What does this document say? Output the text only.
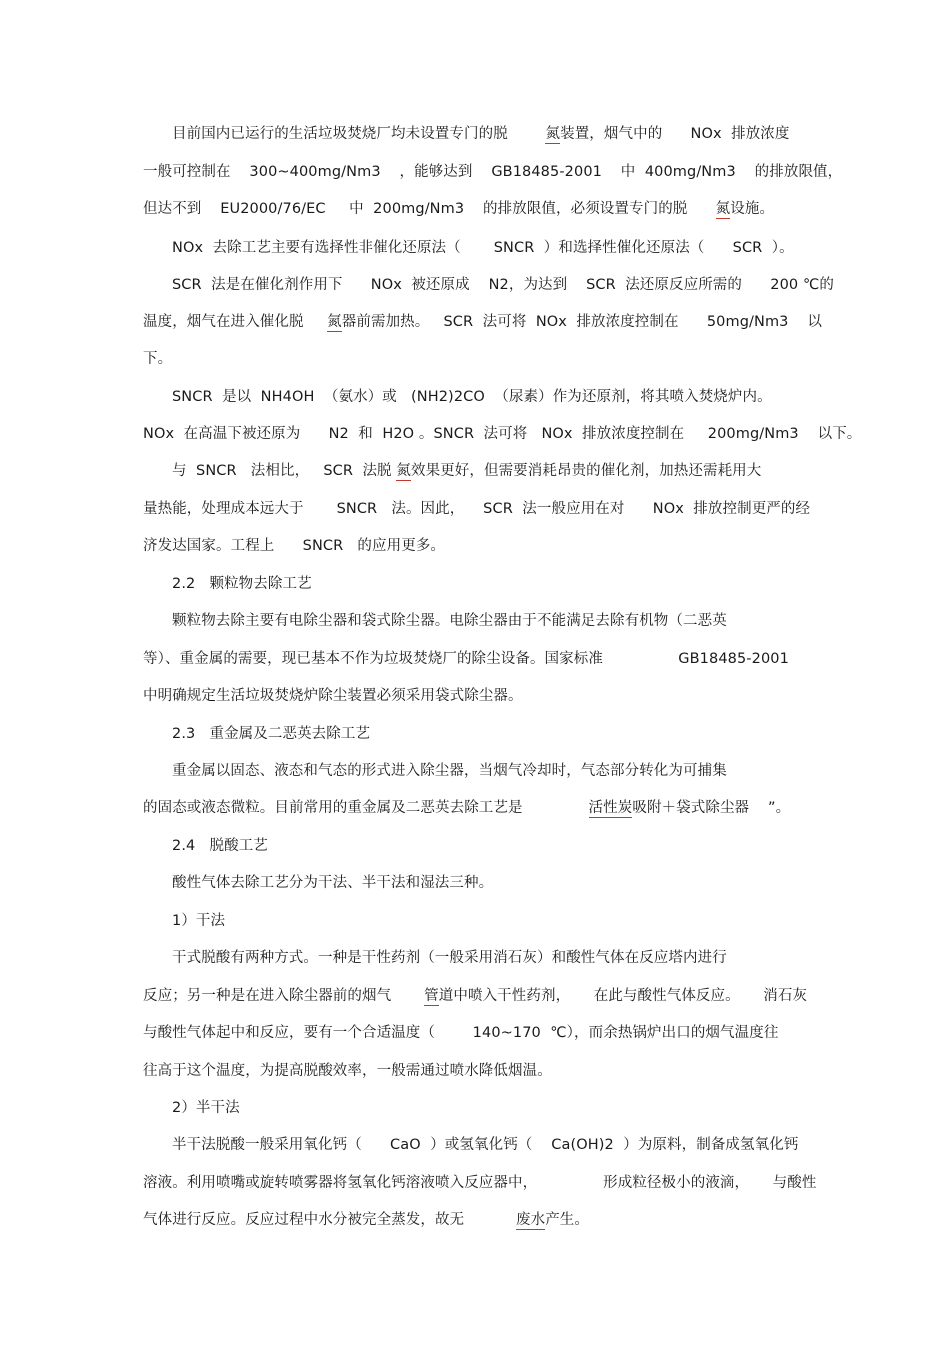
目前国内已运行的生活垃圾焚烧厂均未设置专门的脱        氮装置，烟气中的      NOx  排放浓度

一般可控制在    300~400mg/Nm3    ，能够达到    GB18485-2001    中  400mg/Nm3    的排放限值，

但达不到    EU2000/76/EC     中  200mg/Nm3    的排放限值，必须设置专门的脱      氮设施。

NOx  去除工艺主要有选择性非催化还原法（       SNCR  ）和选择性催化还原法（      SCR  ）。

SCR  法是在催化剂作用下      NOx  被还原成    N2，为达到    SCR  法还原反应所需的      200 ℃的

温度，烟气在进入催化脱     氮器前需加热。   SCR  法可将  NOx  排放浓度控制在      50mg/Nm3    以

下。

SNCR  是以  NH4OH  （氨水）或   (NH2)2CO  （尿素）作为还原剂，将其喷入焚烧炉内。

NOx  在高温下被还原为      N2  和  H2O 。SNCR  法可将   NOx  排放浓度控制在     200mg/Nm3    以下。

与  SNCR   法相比，   SCR  法脱 氮效果更好，但需要消耗昂贵的催化剂，加热还需耗用大

量热能，处理成本远大于       SNCR   法。因此，    SCR  法一般应用在对      NOx  排放控制更严的经

济发达国家。工程上      SNCR   的应用更多。

2.2   颗粒物去除工艺

颗粒物去除主要有电除尘器和袋式除尘器。电除尘器由于不能满足去除有机物（二恶英

等）、重金属的需要，现已基本不作为垃圾焚烧厂的除尘设备。国家标准                GB18485-2001

中明确规定生活垃圾焚烧炉除尘装置必须采用袋式除尘器。

2.3   重金属及二恶英去除工艺

重金属以固态、液态和气态的形式进入除尘器，当烟气冷却时，气态部分转化为可捕集

的固态或液态微粒。目前常用的重金属及二恶英去除工艺是              活性炭吸附＋袋式除尘器    ”。

2.4   脱酸工艺

酸性气体去除工艺分为干法、半干法和湿法三种。

1）干法

干式脱酸有两种方式。一种是干性药剂（一般采用消石灰）和酸性气体在反应塔内进行

反应；另一种是在进入除尘器前的烟气       管道中喷入干性药剂，     在此与酸性气体反应。     消石灰

与酸性气体起中和反应，要有一个合适温度（        140~170  ℃），而余热锅炉出口的烟气温度往

往高于这个温度，为提高脱酸效率，一般需通过喷水降低烟温。

2）半干法

半干法脱酸一般采用氧化钙（      CaO  ）或氢氧化钙（    Ca(OH)2  ）为原料，制备成氢氧化钙

溶液。利用喷嘴或旋转喷雾器将氢氧化钙溶液喷入反应器中，              形成粒径极小的液滴，     与酸性

气体进行反应。反应过程中水分被完全蒸发，故无           废水产生。
